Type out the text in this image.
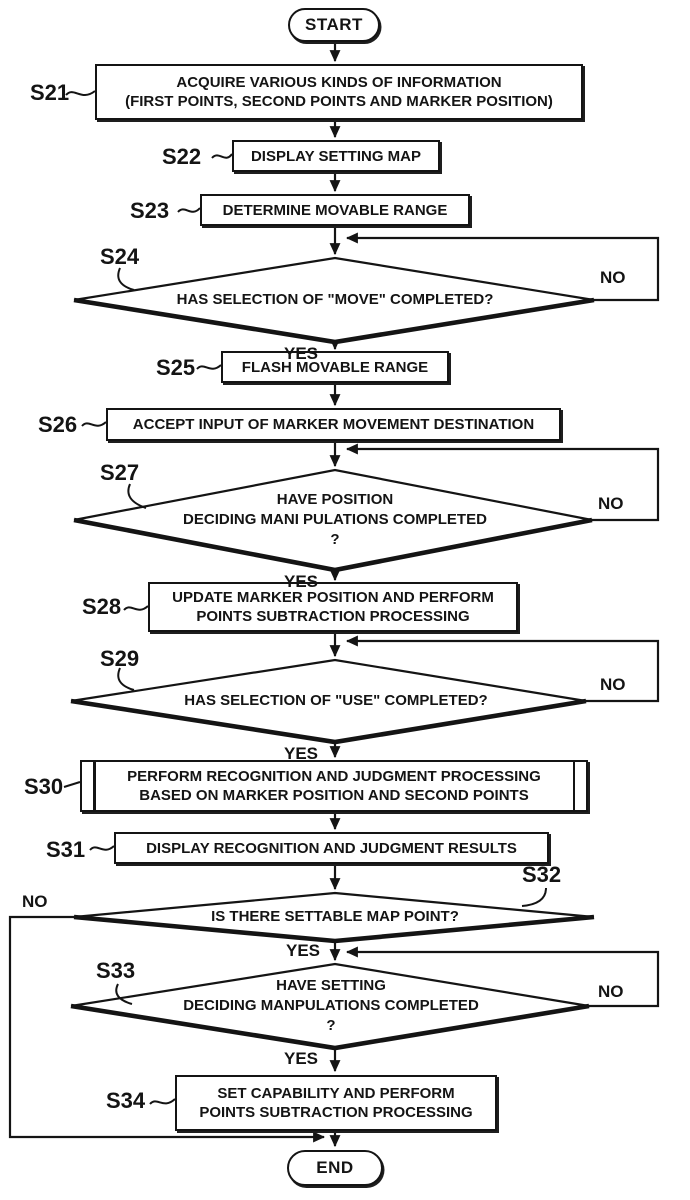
START
END
ACQUIRE VARIOUS KINDS OF INFORMATION
(FIRST POINTS, SECOND POINTS AND MARKER POSITION)
DISPLAY SETTING MAP
DETERMINE MOVABLE RANGE
FLASH MOVABLE RANGE
ACCEPT INPUT OF MARKER MOVEMENT DESTINATION
UPDATE MARKER POSITION AND PERFORM
POINTS SUBTRACTION PROCESSING
PERFORM RECOGNITION AND JUDGMENT PROCESSING
BASED ON MARKER POSITION AND SECOND POINTS
DISPLAY RECOGNITION AND JUDGMENT RESULTS
SET CAPABILITY AND PERFORM
POINTS SUBTRACTION PROCESSING
HAS SELECTION OF "MOVE" COMPLETED?
HAVE POSITION
DECIDING MANI PULATIONS COMPLETED
?
HAS SELECTION OF "USE" COMPLETED?
IS THERE SETTABLE MAP POINT?
HAVE SETTING
DECIDING MANPULATIONS COMPLETED
?
S21
S22
S23
S24
S25
S26
S27
S28
S29
S30
S31
S32
S33
S34
YES
NO
YES
NO
YES
NO
YES
NO
YES
NO
